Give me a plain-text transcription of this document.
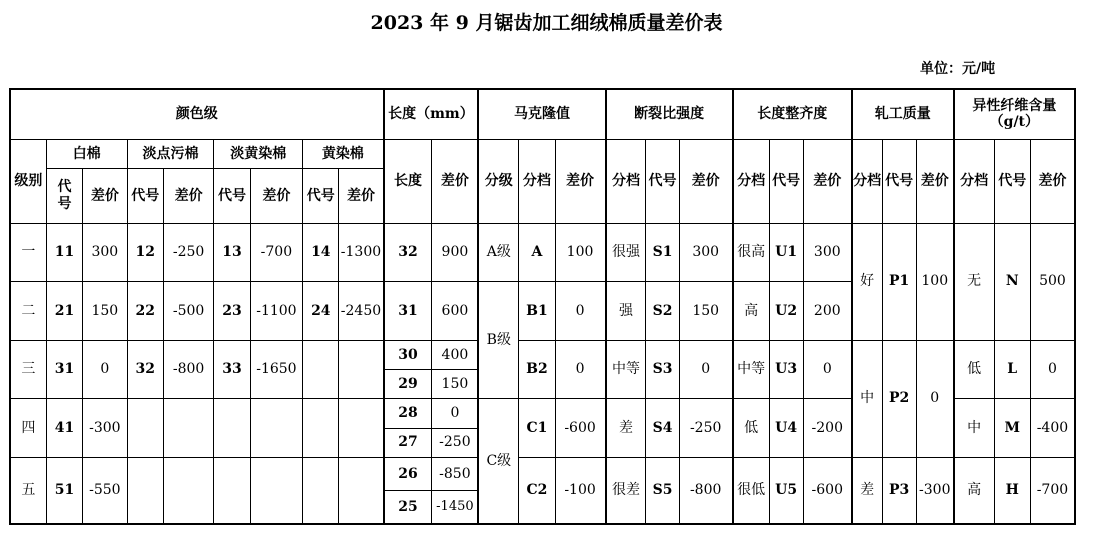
2023 年 9 月锯齿加工细绒棉质量差价表
单位：元/吨
颜色级									长度（mm）		马克隆值			断裂比强度			长度整齐度			轧工质量			异性纤维含量（g/t）		
级别	白棉		淡点污棉		淡黄染棉		黄染棉		长度	差价	分级	分档	差价	分档	代号	差价	分档	代号	差价	分档	代号	差价	分档	代号	差价
	代号	差价	代号	差价	代号	差价	代号	差价																	
一	11	300	12	-250	13	-700	14	-1300	32	900	A级	A	100	很强	S1	300	很高	U1	300	好	P1	100	无	N	500
二	21	150	22	-500	23	-1100	24	-2450	31	600	B级	B1	0	强	S2	150	高	U2	200						
三	31	0	32	-800	33	-1650			30	400		B2	0	中等	S3	0	中等	U3	0	中	P2	0	低	L	0
									29	150															
四	41	-300							28	0	C级	C1	-600	差	S4	-250	低	U4	-200				中	M	-400
									27	-250															
五	51	-550							26	-850		C2	-100	很差	S5	-800	很低	U5	-600	差	P3	-300	高	H	-700
									25	-1450															
